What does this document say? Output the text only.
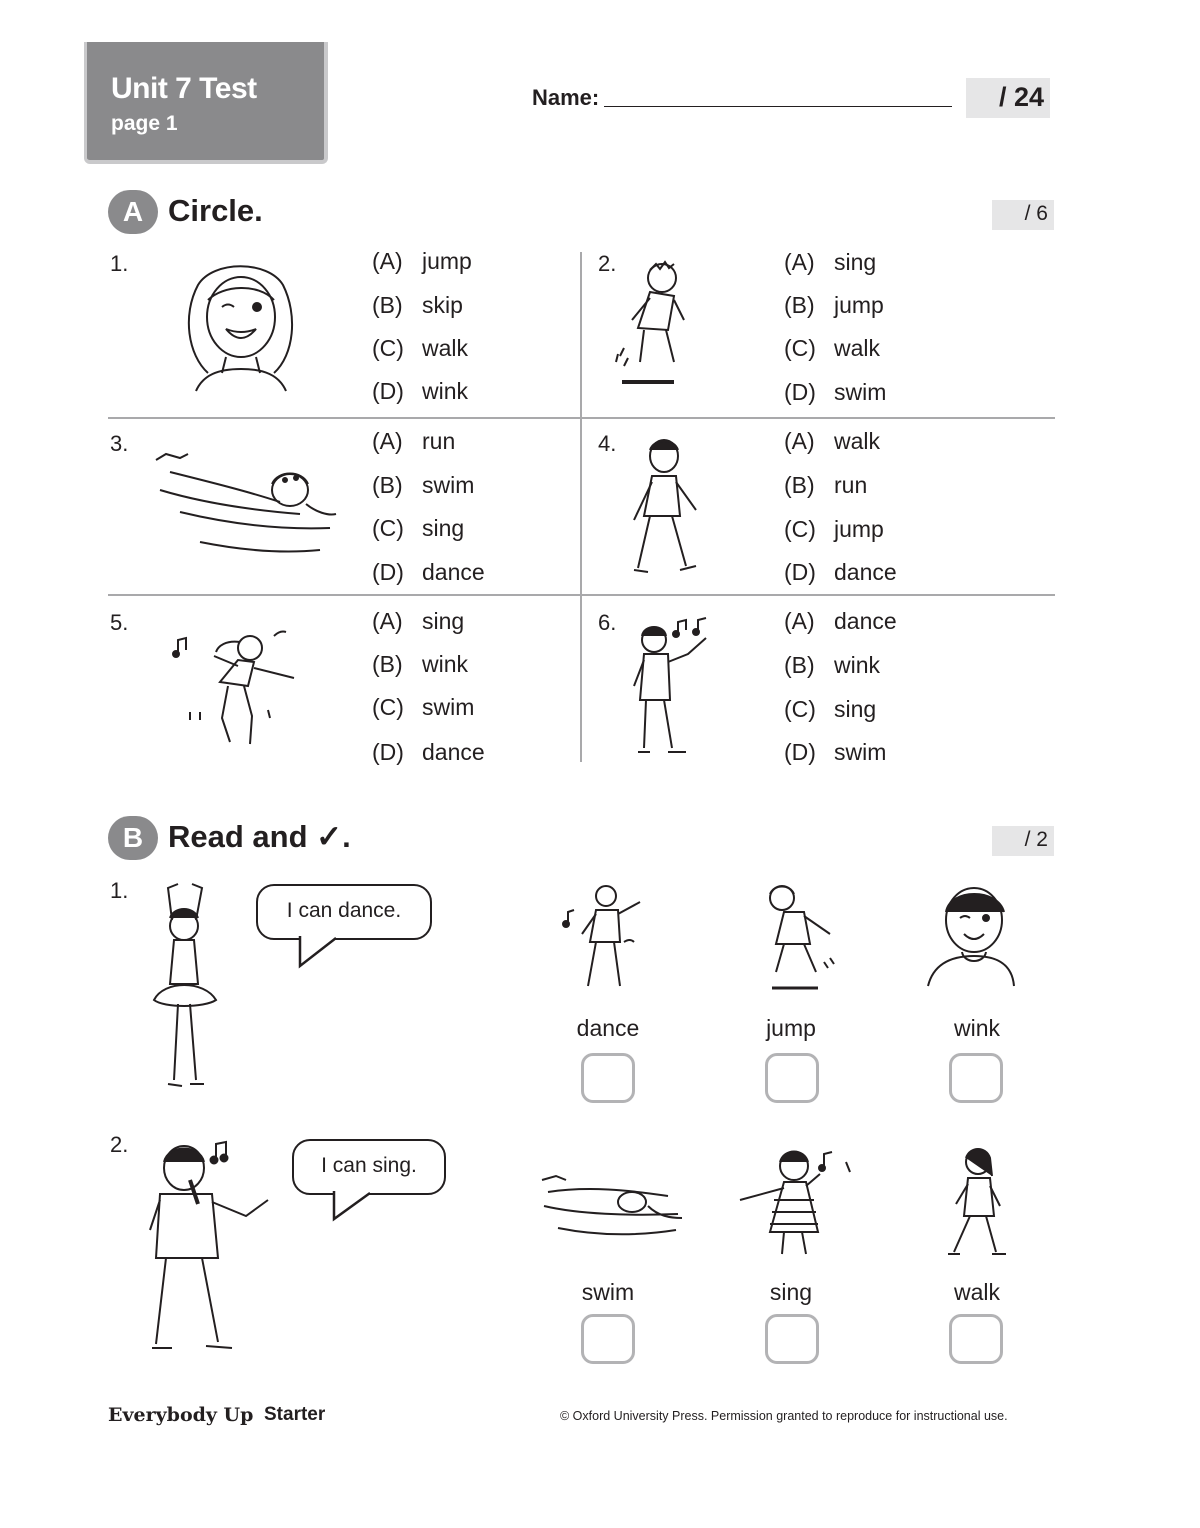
Unit 7 Test
page 1
Name:	/ 24
A Circle.	/ 6
1.	(A) jump
(B) skip
(C) walk
(D) wink
2.	(A) sing
(B) jump
(C) walk
(D) swim
3.	(A) run
(B) swim
(C) sing
(D) dance
4.	(A) walk
(B) run
(C) jump
(D) dance
5.	(A) sing
(B) wink
(C) swim
(D) dance
6.	(A) dance
(B) wink
(C) sing
(D) swim
B Read and ✓.	/ 2
1.
I can dance.
dance	jump	wink
2.
I can sing.
swim	sing	walk
Everybody Up Starter	© Oxford University Press. Permission granted to reproduce for instructional use.
